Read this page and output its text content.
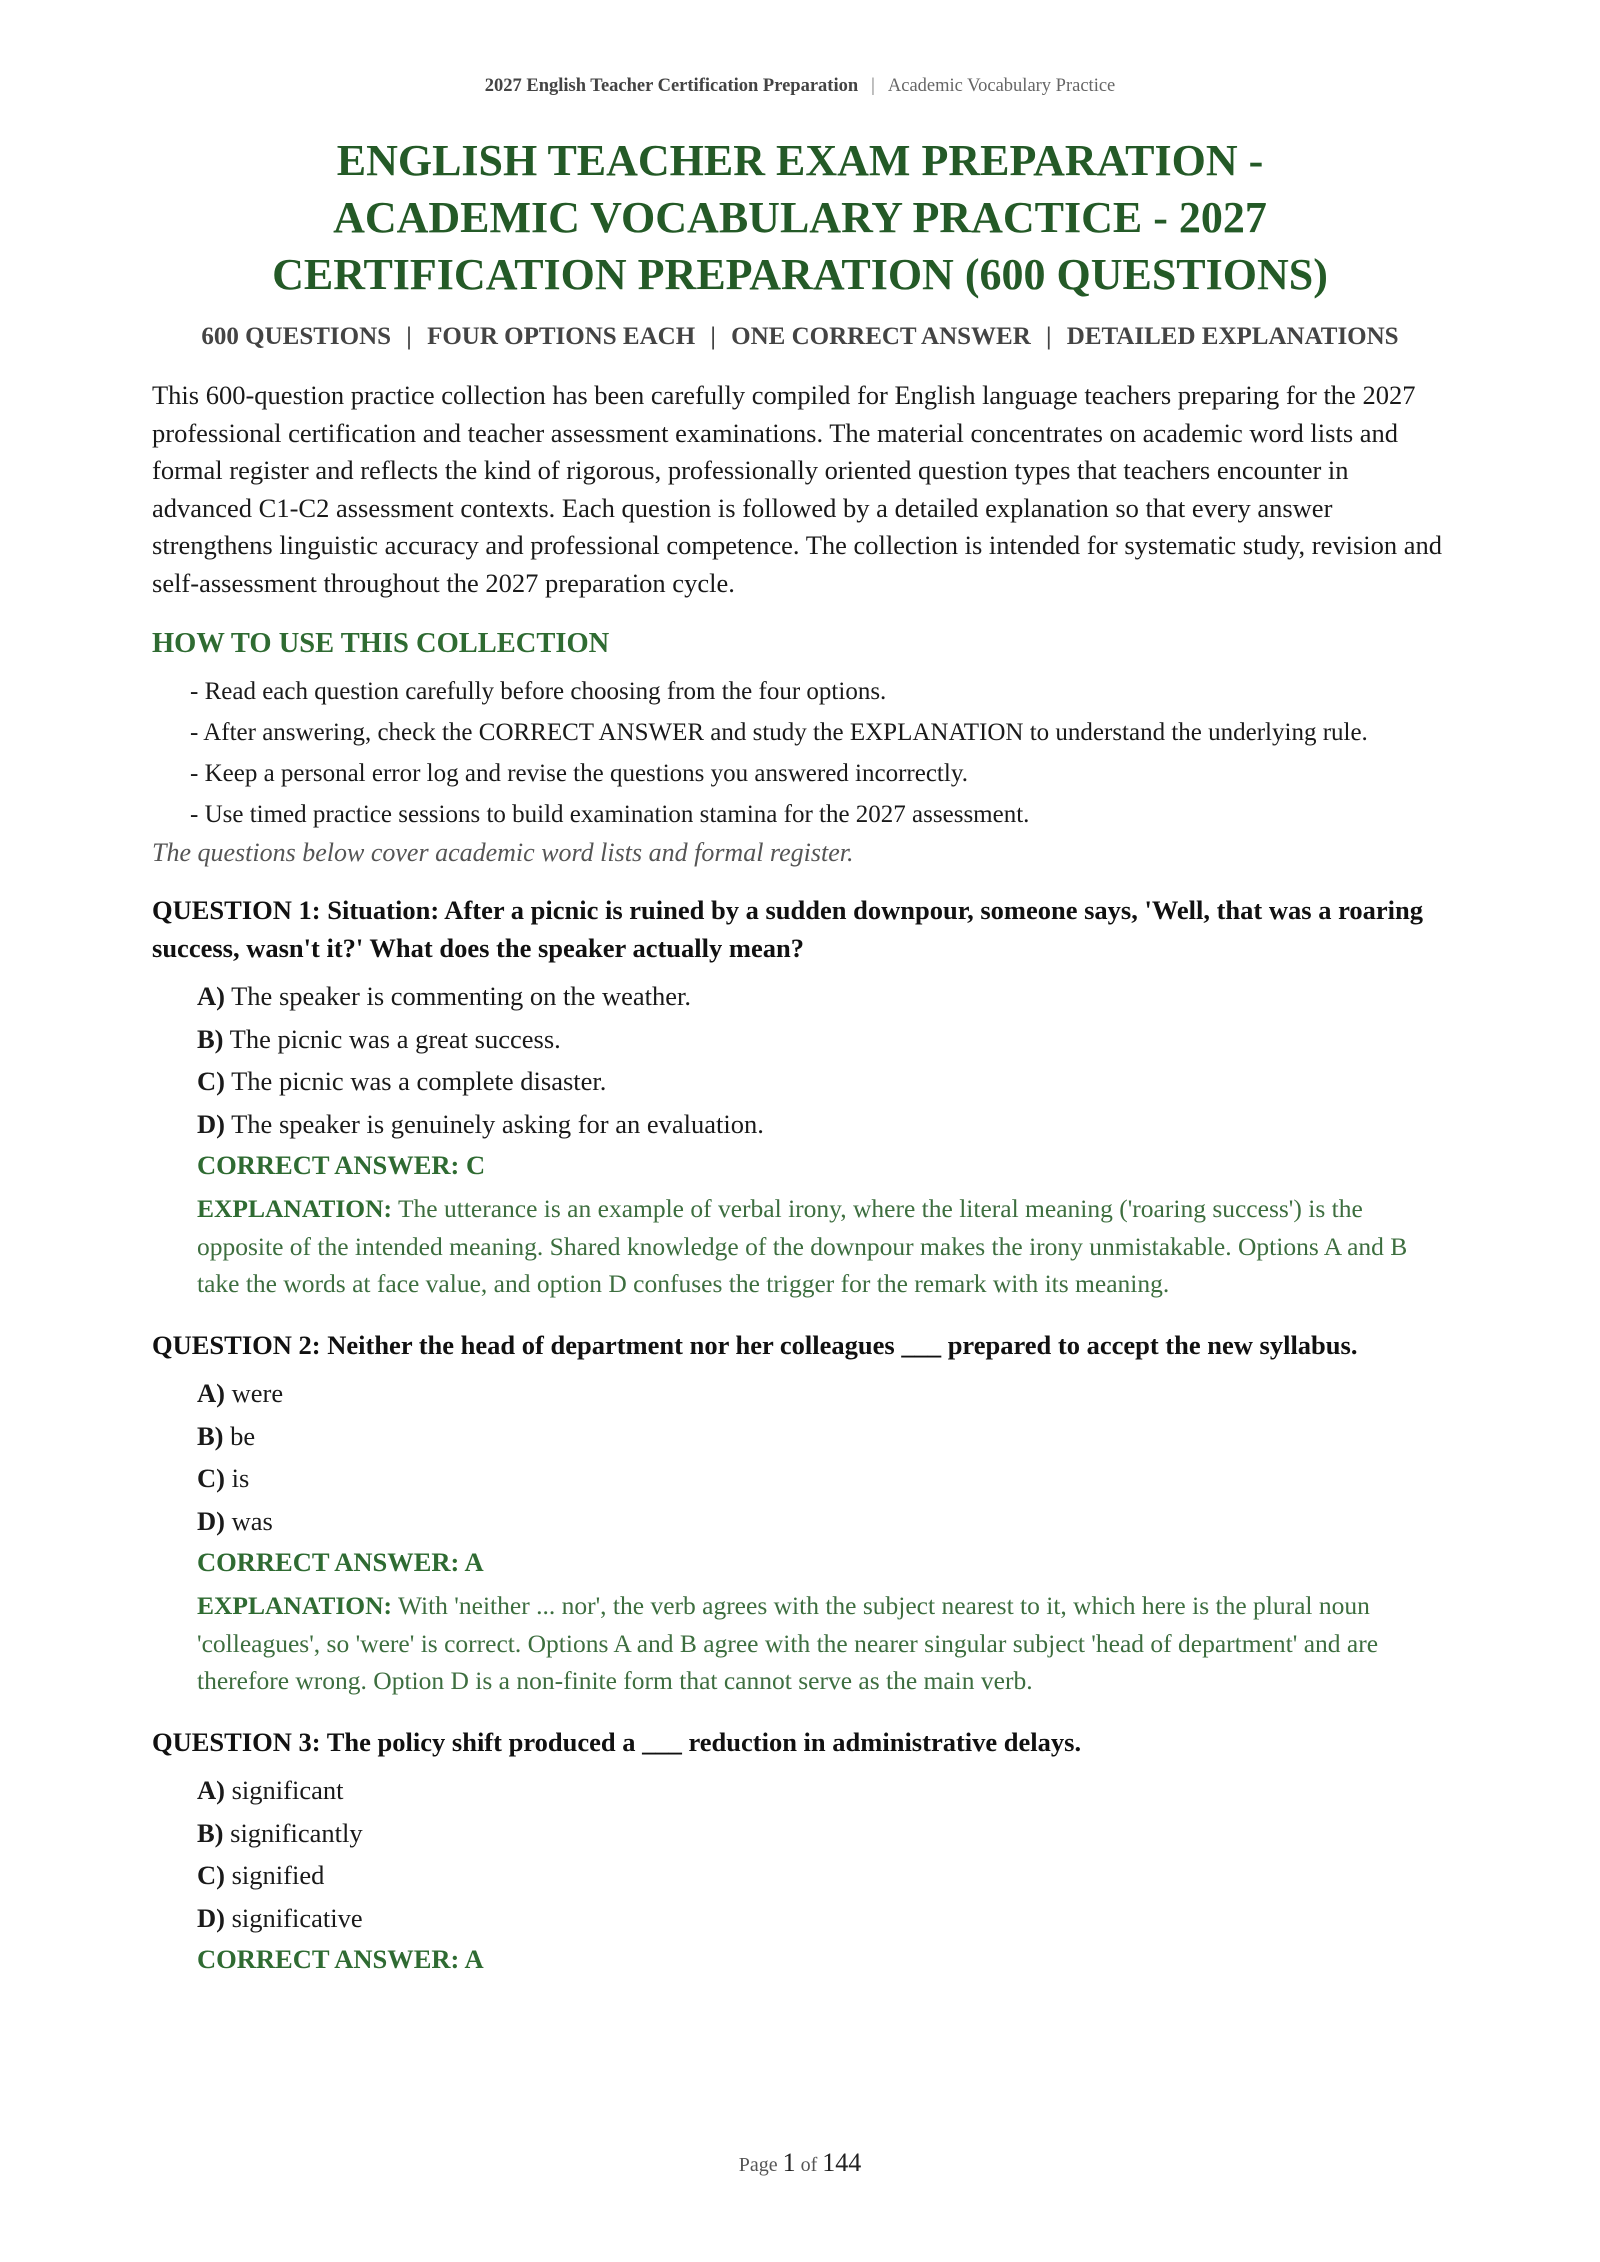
2027 English Teacher Certification Preparation | Academic Vocabulary Practice
ENGLISH TEACHER EXAM PREPARATION - ACADEMIC VOCABULARY PRACTICE - 2027 CERTIFICATION PREPARATION (600 QUESTIONS)
600 QUESTIONS | FOUR OPTIONS EACH | ONE CORRECT ANSWER | DETAILED EXPLANATIONS

This 600-question practice collection has been carefully compiled for English language teachers preparing for the 2027 professional certification and teacher assessment examinations. The material concentrates on academic word lists and formal register and reflects the kind of rigorous, professionally oriented question types that teachers encounter in advanced C1-C2 assessment contexts. Each question is followed by a detailed explanation so that every answer strengthens linguistic accuracy and professional competence. The collection is intended for systematic study, revision and self-assessment throughout the 2027 preparation cycle.

HOW TO USE THIS COLLECTION
- Read each question carefully before choosing from the four options.
- After answering, check the CORRECT ANSWER and study the EXPLANATION to understand the underlying rule.
- Keep a personal error log and revise the questions you answered incorrectly.
- Use timed practice sessions to build examination stamina for the 2027 assessment.
The questions below cover academic word lists and formal register.
QUESTION 1: Situation: After a picnic is ruined by a sudden downpour, someone says, 'Well, that was a roaring success, wasn't it?' What does the speaker actually mean?
A) The speaker is commenting on the weather.
B) The picnic was a great success.
C) The picnic was a complete disaster.
D) The speaker is genuinely asking for an evaluation.
CORRECT ANSWER: C
EXPLANATION: The utterance is an example of verbal irony, where the literal meaning ('roaring success') is the opposite of the intended meaning. Shared knowledge of the downpour makes the irony unmistakable. Options A and B take the words at face value, and option D confuses the trigger for the remark with its meaning.
QUESTION 2: Neither the head of department nor her colleagues ___ prepared to accept the new syllabus.
A) were
B) be
C) is
D) was
CORRECT ANSWER: A
EXPLANATION: With 'neither ... nor', the verb agrees with the subject nearest to it, which here is the plural noun 'colleagues', so 'were' is correct. Options A and B agree with the nearer singular subject 'head of department' and are therefore wrong. Option D is a non-finite form that cannot serve as the main verb.
QUESTION 3: The policy shift produced a ___ reduction in administrative delays.
A) significant
B) significantly
C) signified
D) significative
CORRECT ANSWER: A
Page 1 of 144
